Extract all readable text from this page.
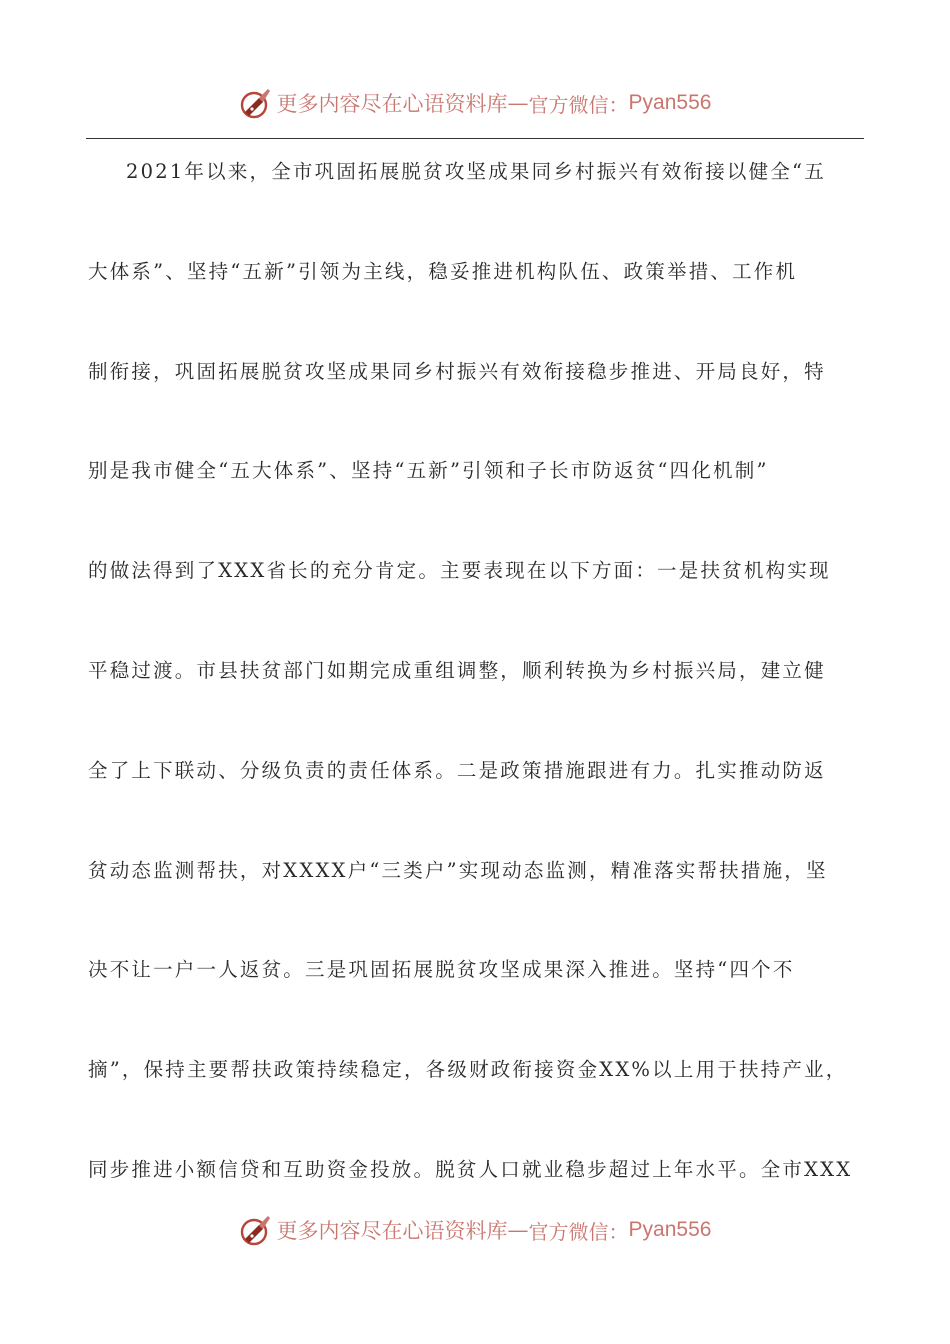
更多内容尽在心语资料库 — 官方微信： Pyan556
2021年以来，全市巩固拓展脱贫攻坚成果同乡村振兴有效衔接以健全“五
大体系”、坚持“五新”引领为主线，稳妥推进机构队伍、政策举措、工作机
制衔接，巩固拓展脱贫攻坚成果同乡村振兴有效衔接稳步推进、开局良好，特
别是我市健全“五大体系”、坚持“五新”引领和子长市防返贫“四化机制”
的做法得到了XXX省长的充分肯定。主要表现在以下方面：一是扶贫机构实现
平稳过渡。市县扶贫部门如期完成重组调整，顺利转换为乡村振兴局，建立健
全了上下联动、分级负责的责任体系。二是政策措施跟进有力。扎实推动防返
贫动态监测帮扶，对XXXX户“三类户”实现动态监测，精准落实帮扶措施，坚
决不让一户一人返贫。三是巩固拓展脱贫攻坚成果深入推进。坚持“四个不
摘”，保持主要帮扶政策持续稳定，各级财政衔接资金XX%以上用于扶持产业，
同步推进小额信贷和互助资金投放。脱贫人口就业稳步超过上年水平。全市XXX
更多内容尽在心语资料库 — 官方微信： Pyan556
